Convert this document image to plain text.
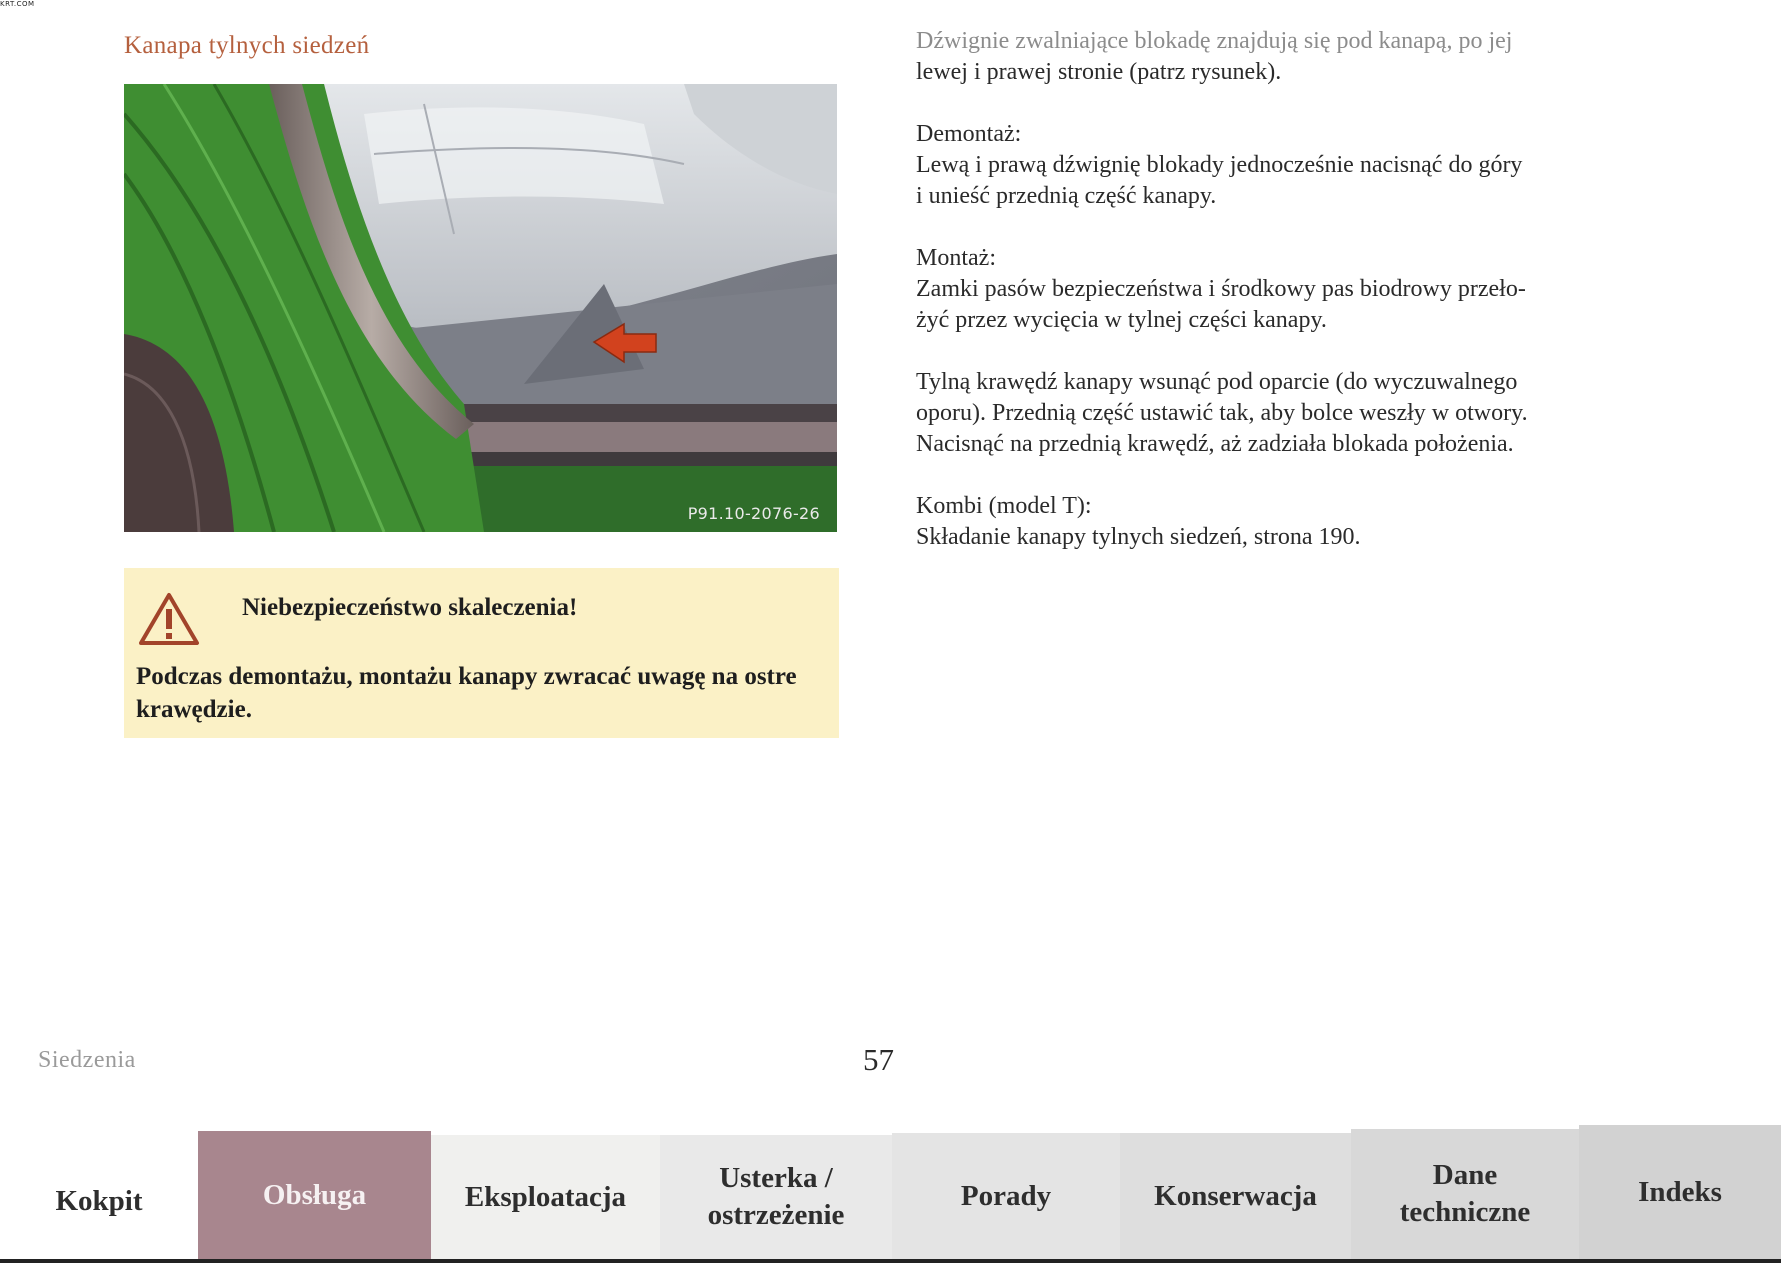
KRT.COM
Kanapa tylnych siedzeń
P91.10-2076-26
Niebezpieczeństwo skaleczenia!
Podczas demontażu, montażu kanapy zwracać uwagę na ostre krawędzie.

Dźwignie zwalniające blokadę znajdują się pod kanapą, po jej
lewej i prawej stronie (patrz rysunek).

Demontaż:
Lewą i prawą dźwignię blokady jednocześnie nacisnąć do góry
i unieść przednią część kanapy.

Montaż:
Zamki pasów bezpieczeństwa i środkowy pas biodrowy przeło-
żyć przez wycięcia w tylnej części kanapy.

Tylną krawędź kanapy wsunąć pod oparcie (do wyczuwalnego
oporu). Przednią część ustawić tak, aby bolce weszły w otwory.
Nacisnąć na przednią krawędź, aż zadziała blokada położenia.

Kombi (model T):
Składanie kanapy tylnych siedzeń, strona 190.

Siedzenia	57
Kokpit	Obsługa	Eksploatacja
Usterka /
ostrzeżenie
Porady	Konserwacja
Dane
techniczne
Indeks
